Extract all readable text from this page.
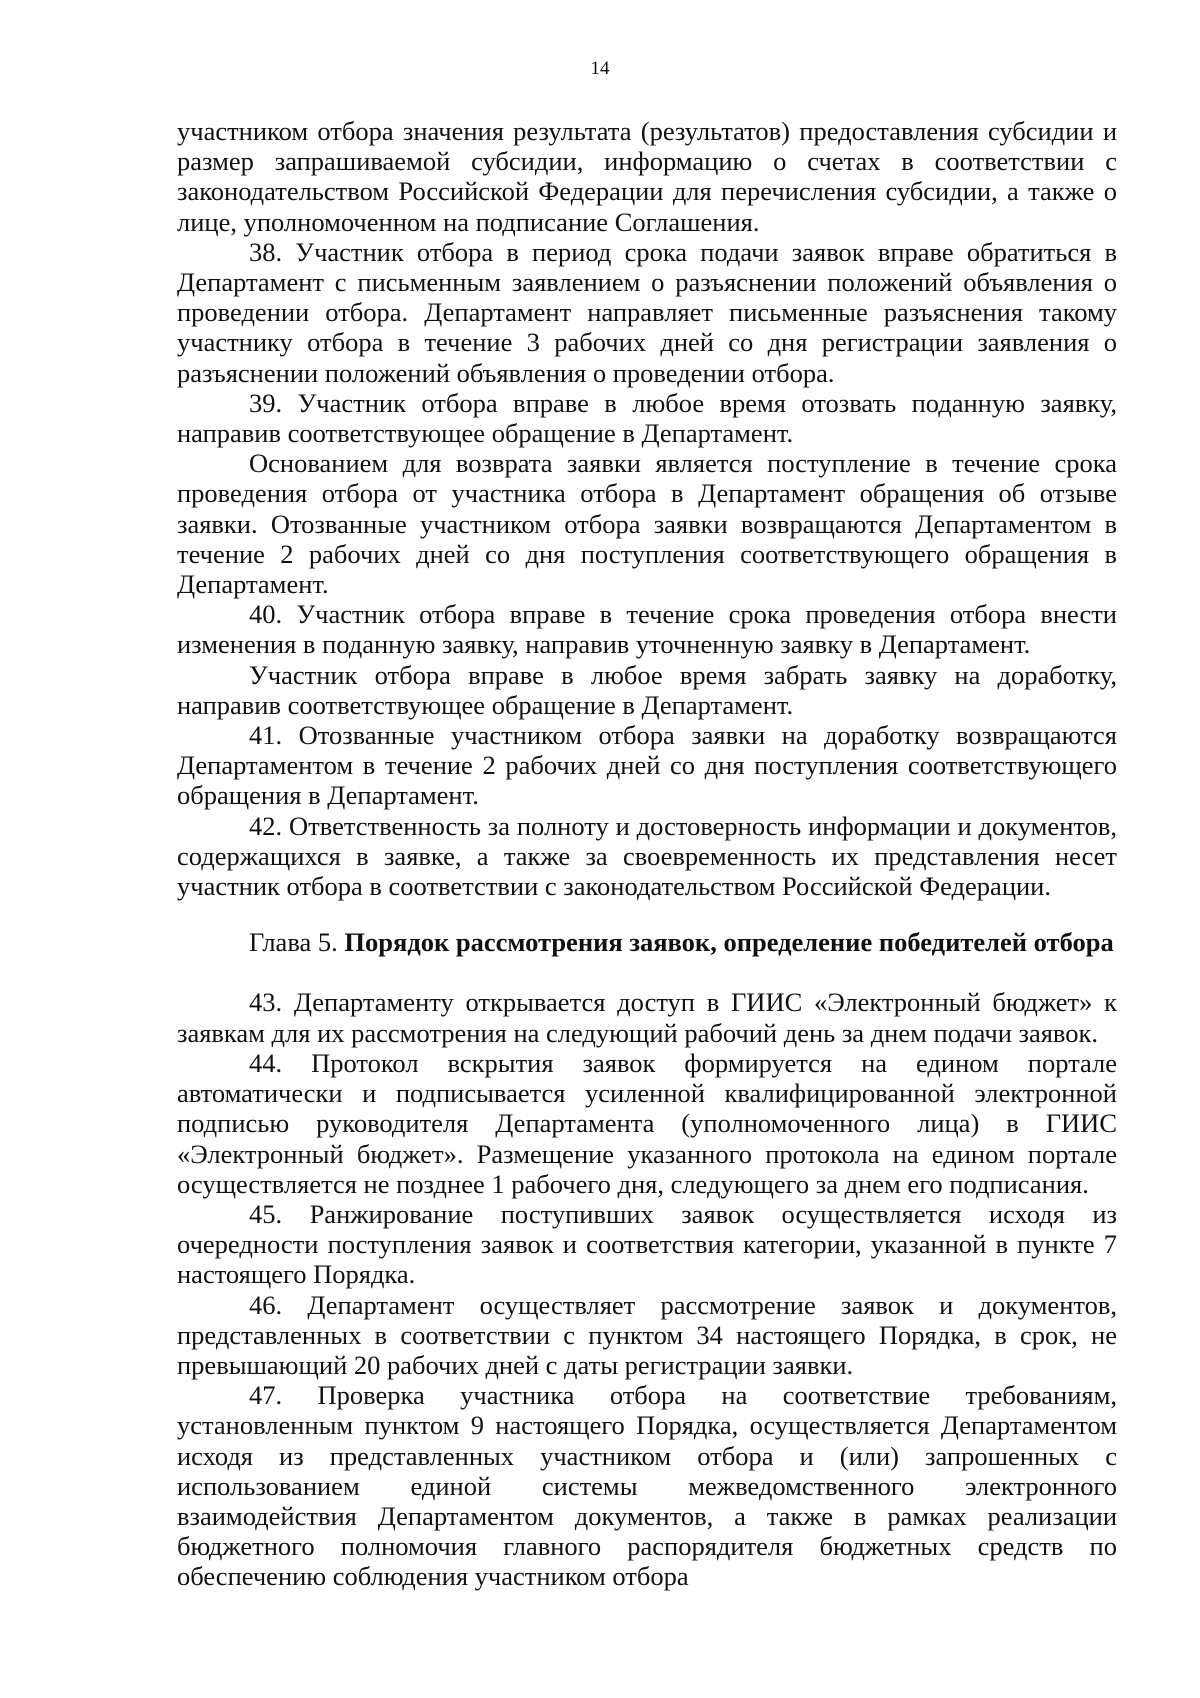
14

участником отбора значения результата (результатов) предоставления субсидии и размер запрашиваемой субсидии, информацию о счетах в соответствии с законодательством Российской Федерации для перечисления субсидии, а также о лице, уполномоченном на подписание Соглашения.

38. Участник отбора в период срока подачи заявок вправе обратиться в Департамент с письменным заявлением о разъяснении положений объявления о проведении отбора. Департамент направляет письменные разъяснения такому участнику отбора в течение 3 рабочих дней со дня регистрации заявления о разъяснении положений объявления о проведении отбора.

39. Участник отбора вправе в любое время отозвать поданную заявку, направив соответствующее обращение в Департамент.

Основанием для возврата заявки является поступление в течение срока проведения отбора от участника отбора в Департамент обращения об отзыве заявки. Отозванные участником отбора заявки возвращаются Департаментом в течение 2 рабочих дней со дня поступления соответствующего обращения в Департамент.

40. Участник отбора вправе в течение срока проведения отбора внести изменения в поданную заявку, направив уточненную заявку в Департамент.

Участник отбора вправе в любое время забрать заявку на доработку, направив соответствующее обращение в Департамент.

41. Отозванные участником отбора заявки на доработку возвращаются Департаментом в течение 2 рабочих дней со дня поступления соответствующего обращения в Департамент.

42. Ответственность за полноту и достоверность информации и документов, содержащихся в заявке, а также за своевременность их представления несет участник отбора в соответствии с законодательством Российской Федерации.

Глава 5. Порядок рассмотрения заявок, определение победителей отбора

43. Департаменту открывается доступ в ГИИС «Электронный бюджет» к заявкам для их рассмотрения на следующий рабочий день за днем подачи заявок.

44. Протокол вскрытия заявок формируется на едином портале автоматически и подписывается усиленной квалифицированной электронной подписью руководителя Департамента (уполномоченного лица) в ГИИС «Электронный бюджет». Размещение указанного протокола на едином портале осуществляется не позднее 1 рабочего дня, следующего за днем его подписания.

45. Ранжирование поступивших заявок осуществляется исходя из очередности поступления заявок и соответствия категории, указанной в пункте 7 настоящего Порядка.

46. Департамент осуществляет рассмотрение заявок и документов, представленных в соответствии с пунктом 34 настоящего Порядка, в срок, не превышающий 20 рабочих дней с даты регистрации заявки.

47. Проверка участника отбора на соответствие требованиям, установленным пунктом 9 настоящего Порядка, осуществляется Департаментом исходя из представленных участником отбора и (или) запрошенных с использованием единой системы межведомственного электронного взаимодействия Департаментом документов, а также в рамках реализации бюджетного полномочия главного распорядителя бюджетных средств по обеспечению соблюдения участником отбора
